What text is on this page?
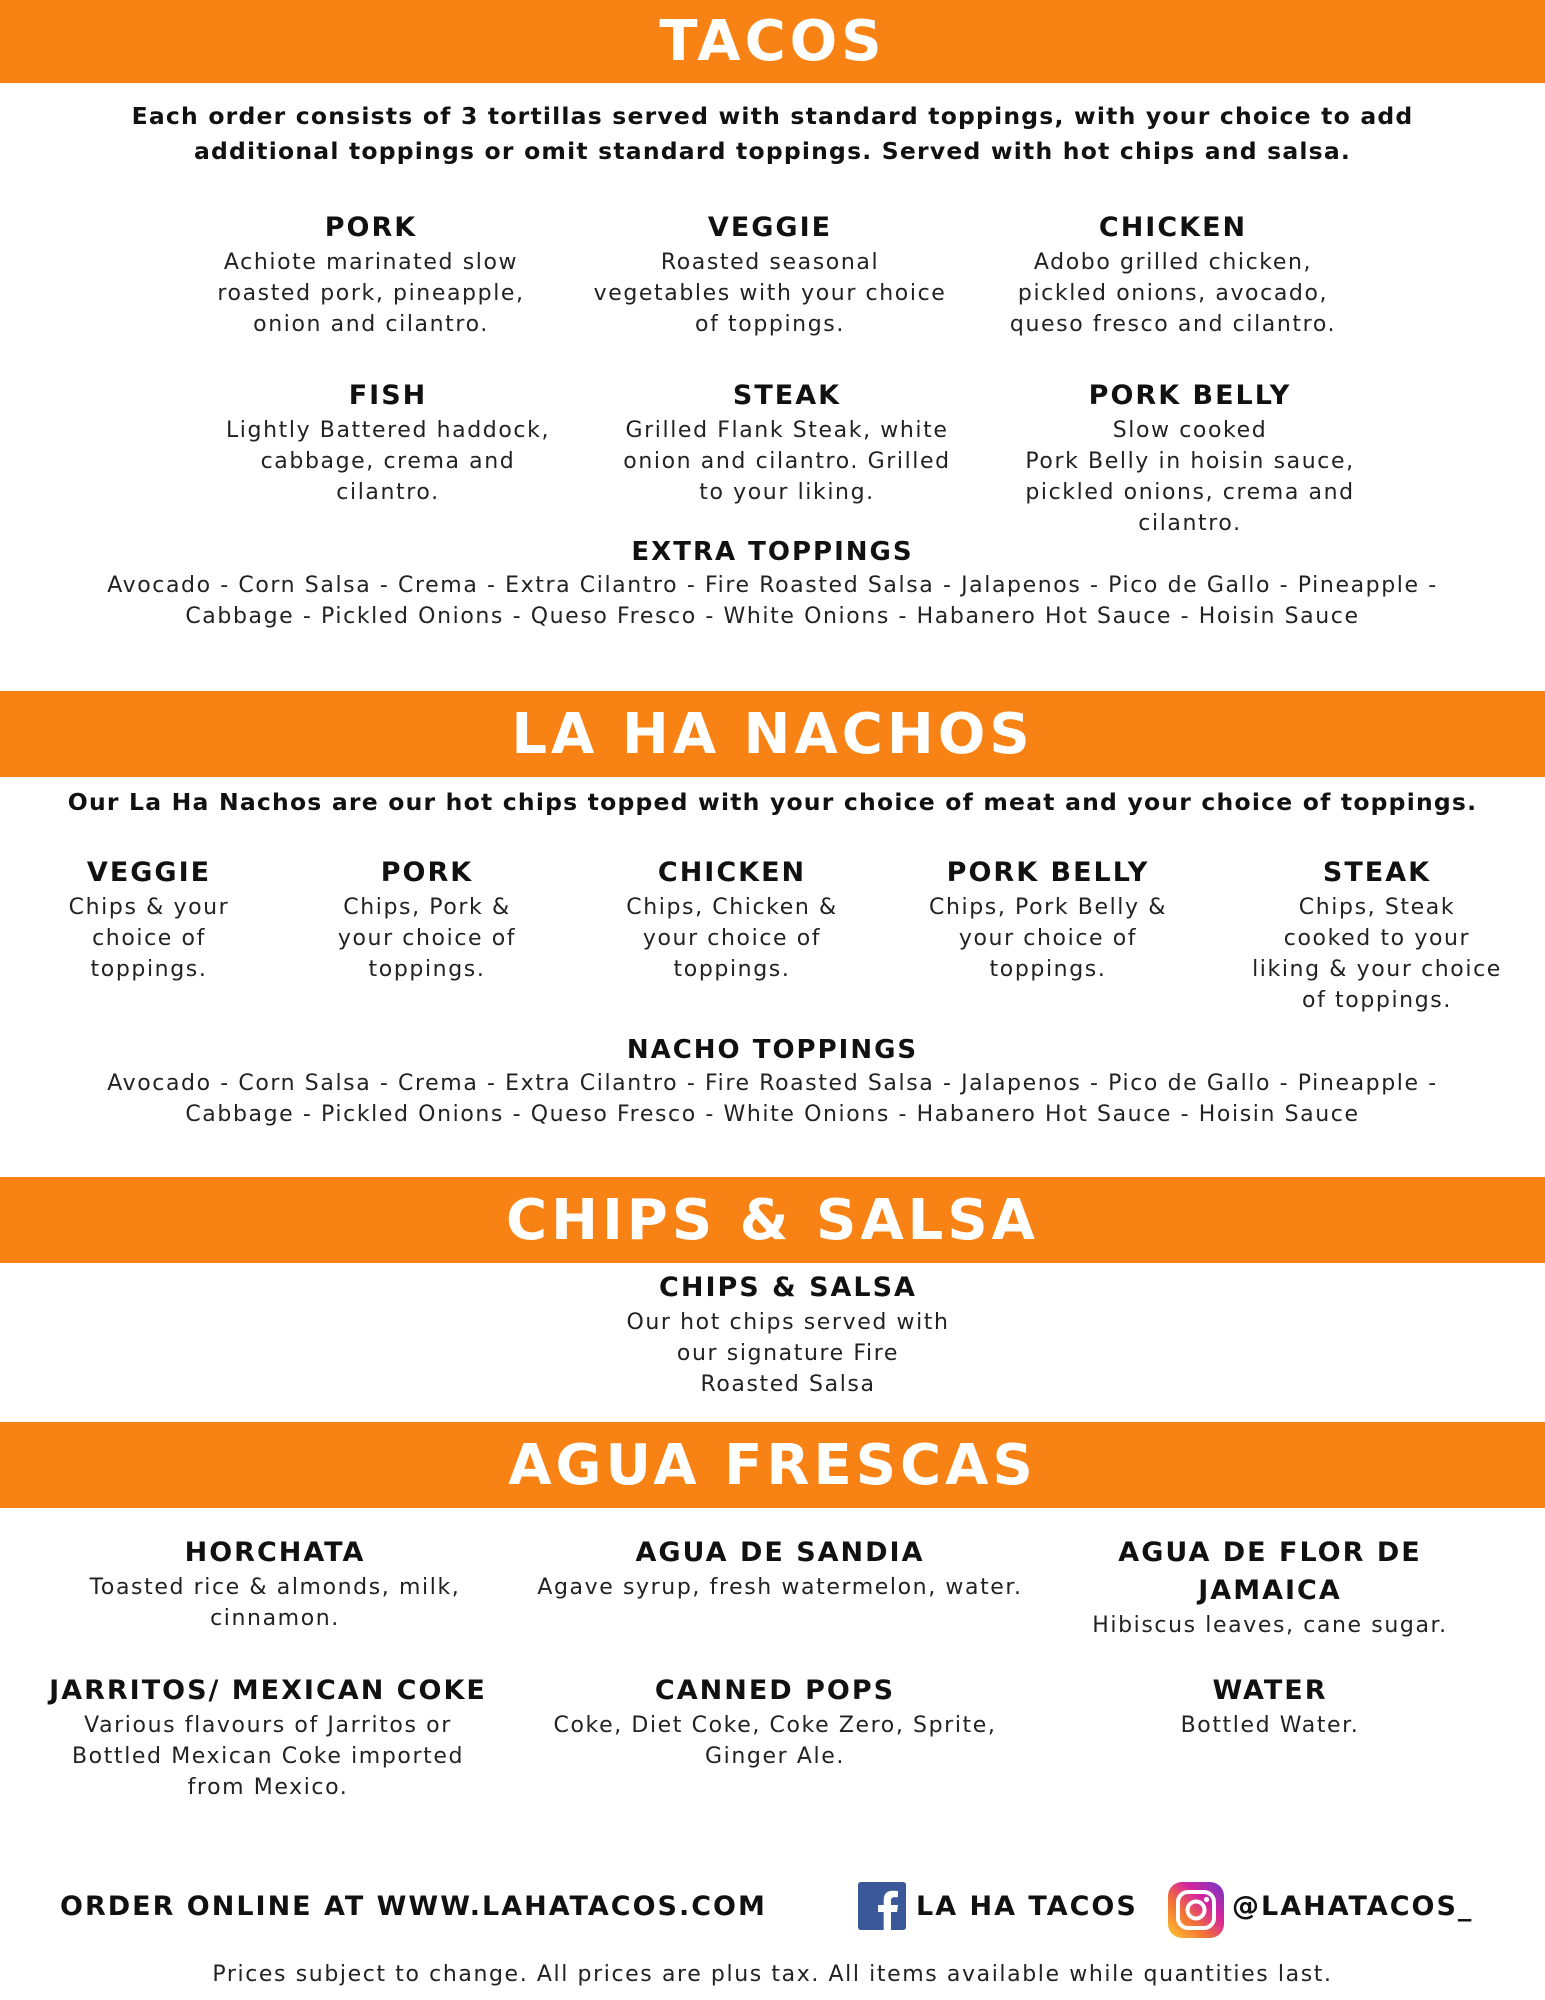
TACOS
Each order consists of 3 tortillas served with standard toppings, with your choice to add
additional toppings or omit standard toppings. Served with hot chips and salsa.
PORK

Achiote marinated slow

roasted pork, pineapple,

onion and cilantro.

VEGGIE

Roasted seasonal

vegetables with your choice

of toppings.

CHICKEN

Adobo grilled chicken,

pickled onions, avocado,

queso fresco and cilantro.

FISH

Lightly Battered haddock,

cabbage, crema and

cilantro.

STEAK

Grilled Flank Steak, white

onion and cilantro. Grilled

to your liking.

PORK BELLY

Slow cooked

Pork Belly in hoisin sauce,

pickled onions, crema and

cilantro.

EXTRA TOPPINGS

Avocado - Corn Salsa - Crema - Extra Cilantro - Fire Roasted Salsa - Jalapenos - Pico de Gallo - Pineapple -

Cabbage - Pickled Onions - Queso Fresco - White Onions - Habanero Hot Sauce - Hoisin Sauce

LA HA NACHOS
Our La Ha Nachos are our hot chips topped with your choice of meat and your choice of toppings.
VEGGIE

Chips & your

choice of

toppings.

PORK

Chips, Pork &

your choice of

toppings.

CHICKEN

Chips, Chicken &

your choice of

toppings.

PORK BELLY

Chips, Pork Belly &

your choice of

toppings.

STEAK

Chips, Steak

cooked to your

liking & your choice

of toppings.

NACHO TOPPINGS

Avocado - Corn Salsa - Crema - Extra Cilantro - Fire Roasted Salsa - Jalapenos - Pico de Gallo - Pineapple -

Cabbage - Pickled Onions - Queso Fresco - White Onions - Habanero Hot Sauce - Hoisin Sauce

CHIPS & SALSA
CHIPS & SALSA

Our hot chips served with

our signature Fire

Roasted Salsa

AGUA FRESCAS
HORCHATA

Toasted rice & almonds, milk,

cinnamon.

AGUA DE SANDIA

Agave syrup, fresh watermelon, water.

AGUA DE FLOR DE
JAMAICA

Hibiscus leaves, cane sugar.

JARRITOS/ MEXICAN COKE

Various flavours of Jarritos or

Bottled Mexican Coke imported

from Mexico.

CANNED POPS

Coke, Diet Coke, Coke Zero, Sprite,

Ginger Ale.

WATER

Bottled Water.

ORDER ONLINE AT WWW.LAHATACOS.COM	LA HA TACOS	@LAHATACOS_
Prices subject to change. All prices are plus tax. All items available while quantities last.
